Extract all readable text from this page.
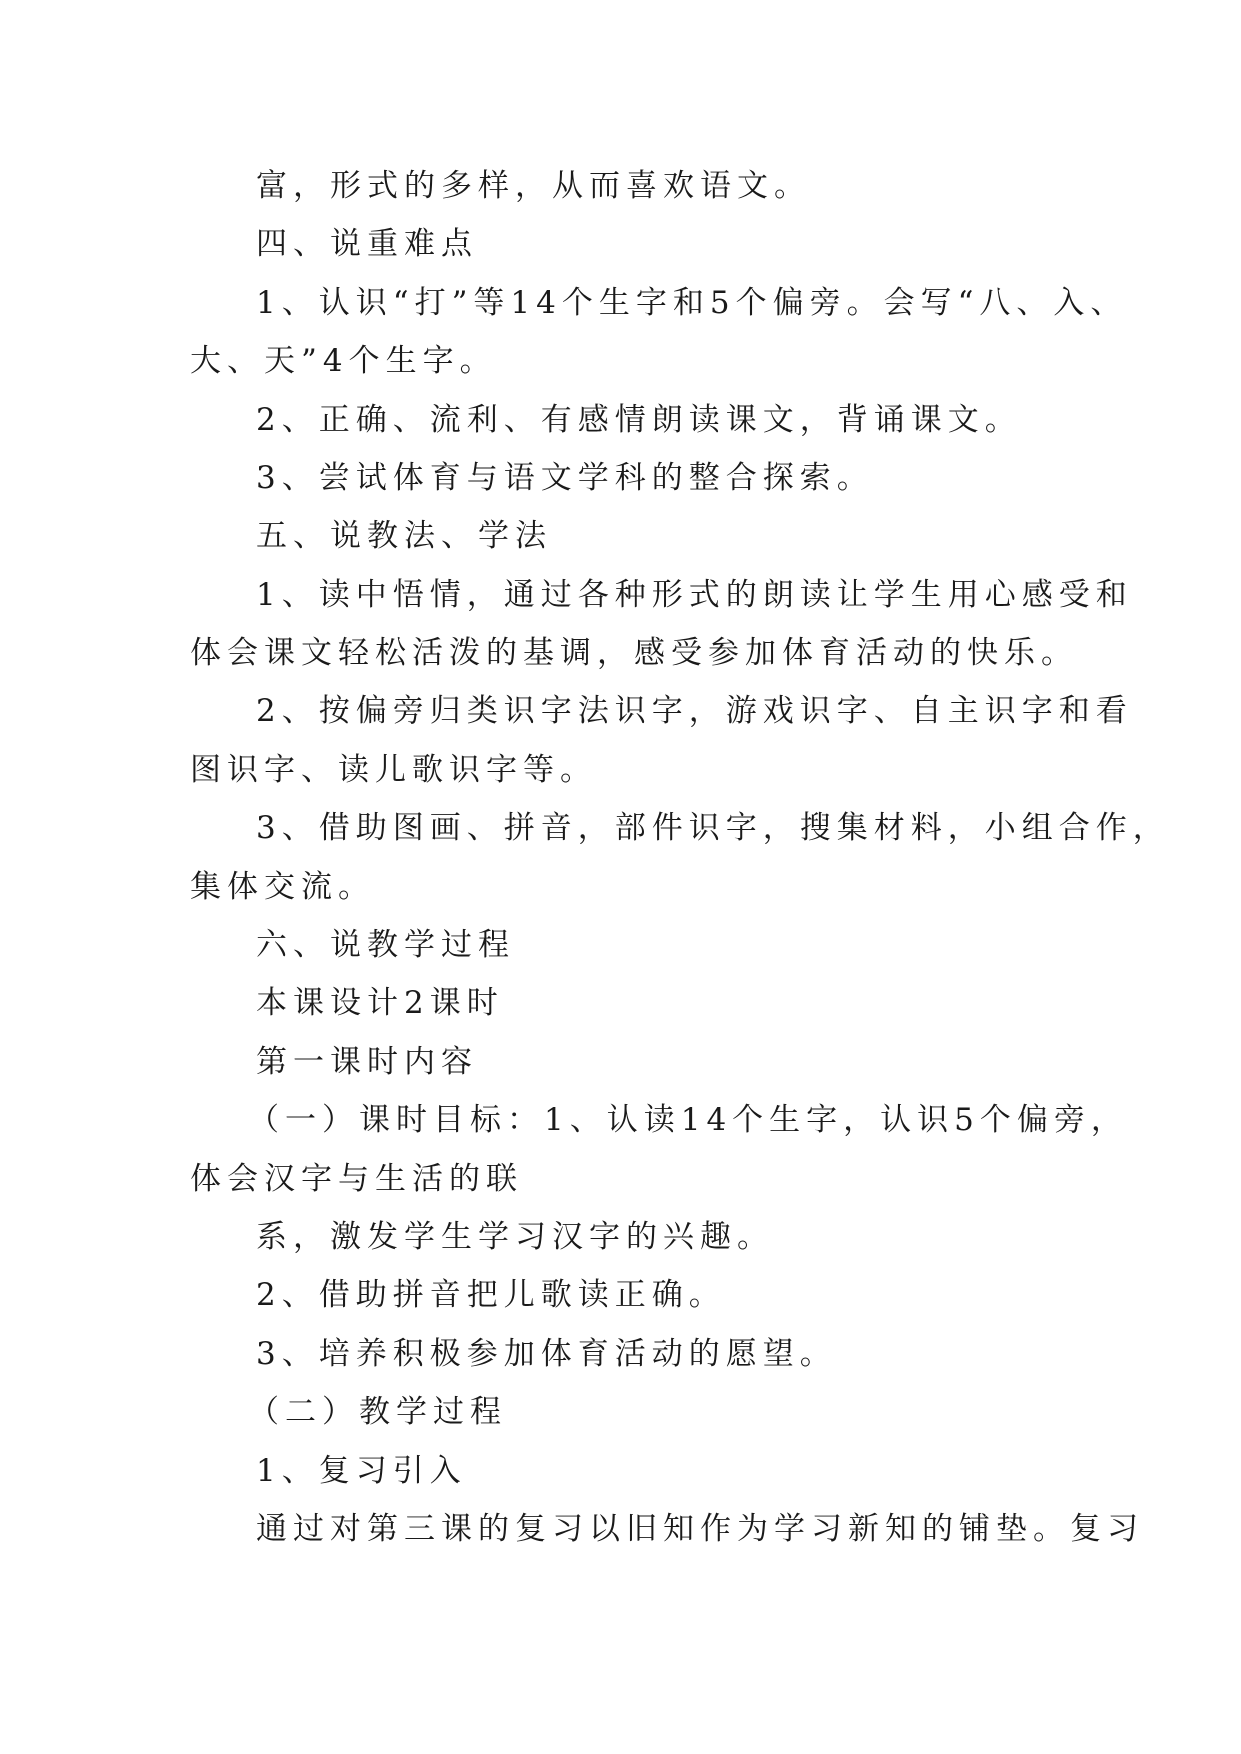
富，形式的多样，从而喜欢语文。
四、说重难点
1、认识“打”等14个生字和5个偏旁。会写“八、入、
大、天”4个生字。
2、正确、流利、有感情朗读课文，背诵课文。
3、尝试体育与语文学科的整合探索。
五、说教法、学法
1、读中悟情，通过各种形式的朗读让学生用心感受和
体会课文轻松活泼的基调，感受参加体育活动的快乐。
2、按偏旁归类识字法识字，游戏识字、自主识字和看
图识字、读儿歌识字等。
3、借助图画、拼音，部件识字，搜集材料，小组合作，
集体交流。
六、说教学过程
本课设计2课时
第一课时内容
（一）课时目标：1、认读14个生字，认识5个偏旁，
体会汉字与生活的联
系，激发学生学习汉字的兴趣。
2、借助拼音把儿歌读正确。
3、培养积极参加体育活动的愿望。
（二）教学过程
1、复习引入
通过对第三课的复习以旧知作为学习新知的铺垫。复习
